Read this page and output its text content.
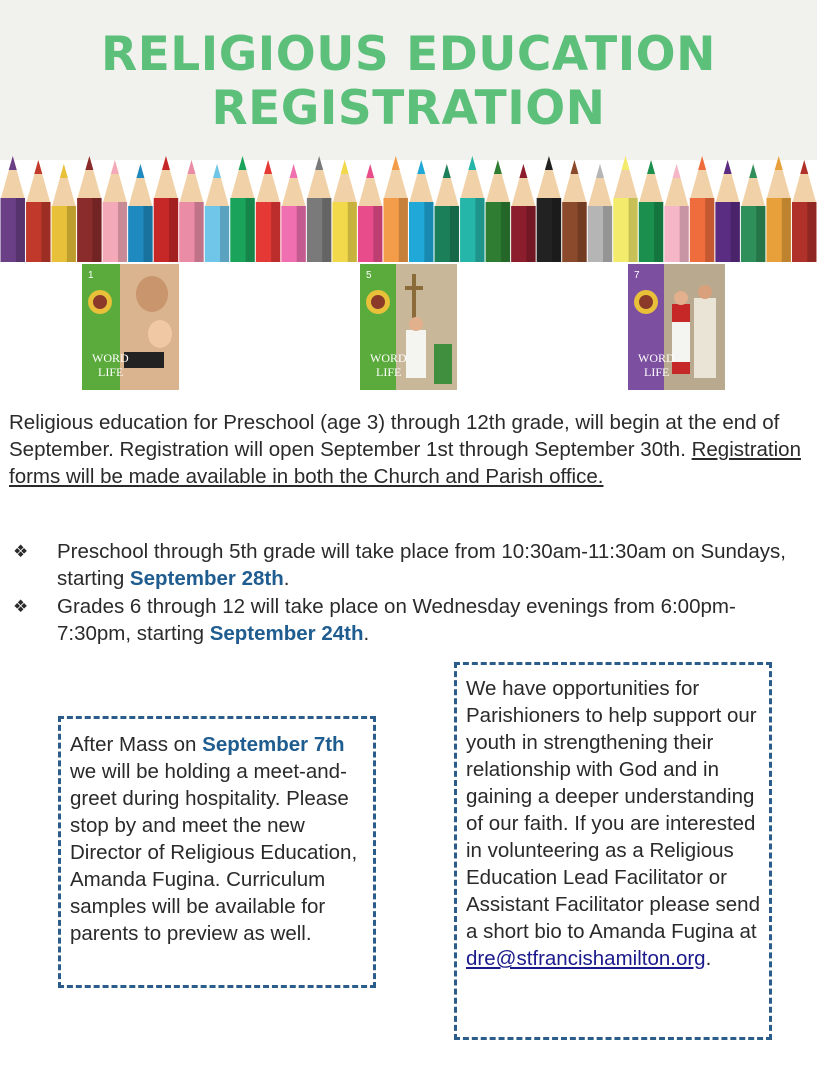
RELIGIOUS EDUCATION
REGISTRATION
1
WORD
LIFE
5
WORD
LIFE
7
WORD
LIFE

Religious education for Preschool (age 3) through 12th grade, will begin at the end of September. Registration will open September 1st through September 30th. Registration forms will be made available in both the Church and Parish office.

❖ Preschool through 5th grade will take place from 10:30am-11:30am on Sundays, starting September 28th.
❖ Grades 6 through 12 will take place on Wednesday evenings from 6:00pm-7:30pm, starting September 24th.
After Mass on September 7th we will be holding a meet-and-greet during hospitality. Please stop by and meet the new Director of Religious Education, Amanda Fugina. Curriculum samples will be available for parents to preview as well.
We have opportunities for Parishioners to help support our youth in strengthening their relationship with God and in gaining a deeper understanding of our faith. If you are interested in volunteering as a Religious Education Lead Facilitator or Assistant Facilitator please send a short bio to Amanda Fugina at dre@stfrancishamilton.org.
